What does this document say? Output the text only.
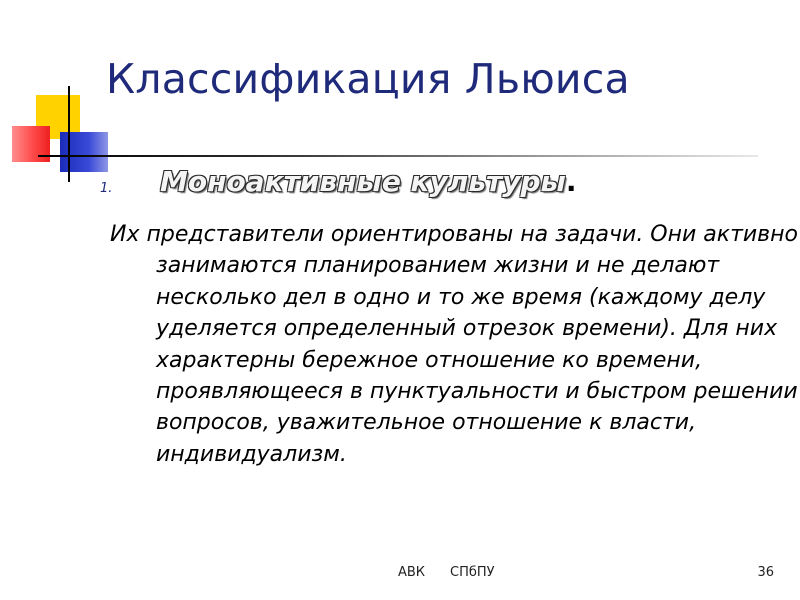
Классификация Льюиса
1. Моноактивные культуры.

Их представители ориентированы на задачи. Они активно занимаются планированием жизни и не делают несколько дел в одно и то же время (каждому делу уделяется определенный отрезок времени). Для них характерны бережное отношение ко времени, проявляющееся в пунктуальности и быстром решении вопросов, уважительное отношение к власти, индивидуализм.

АВК СПбПУ	36
